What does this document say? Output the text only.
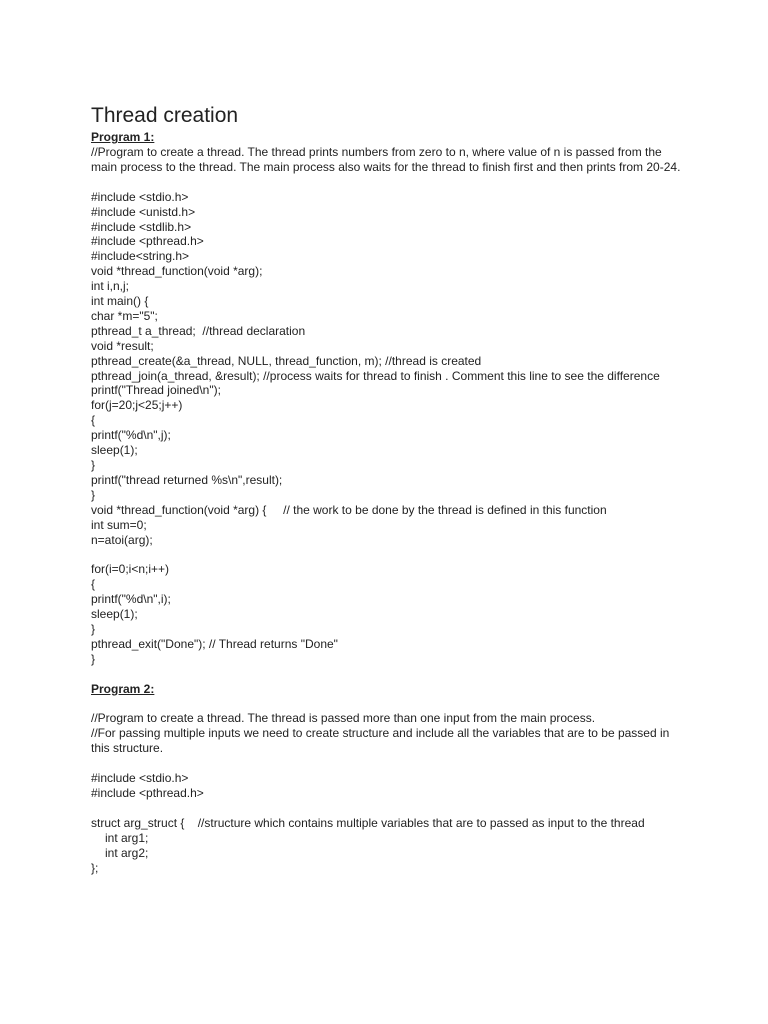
Thread creation
Program 1:
//Program to create a thread. The thread prints numbers from zero to n, where value of n is passed from the main process to the thread. The main process also waits for the thread to finish first and then prints from 20-24.
#include <stdio.h>
#include <unistd.h>
#include <stdlib.h>
#include <pthread.h>
#include<string.h>
void *thread_function(void *arg);
int i,n,j;
int main() {
char *m="5";
pthread_t a_thread;  //thread declaration
void *result;
pthread_create(&a_thread, NULL, thread_function, m); //thread is created
pthread_join(a_thread, &result); //process waits for thread to finish . Comment this line to see the difference
printf("Thread joined\n");
for(j=20;j<25;j++)
{
printf("%d\n",j);
sleep(1);
}
printf("thread returned %s\n",result);
}
void *thread_function(void *arg) {     // the work to be done by the thread is defined in this function
int sum=0;
n=atoi(arg);
for(i=0;i<n;i++)
{
printf("%d\n",i);
sleep(1);
}
pthread_exit("Done"); // Thread returns "Done"
}
Program 2:
//Program to create a thread. The thread is passed more than one input from the main process.
//For passing multiple inputs we need to create structure and include all the variables that are to be passed in this structure.
#include <stdio.h>
#include <pthread.h>
struct arg_struct {    //structure which contains multiple variables that are to passed as input to the thread
int arg1;
int arg2;
};
